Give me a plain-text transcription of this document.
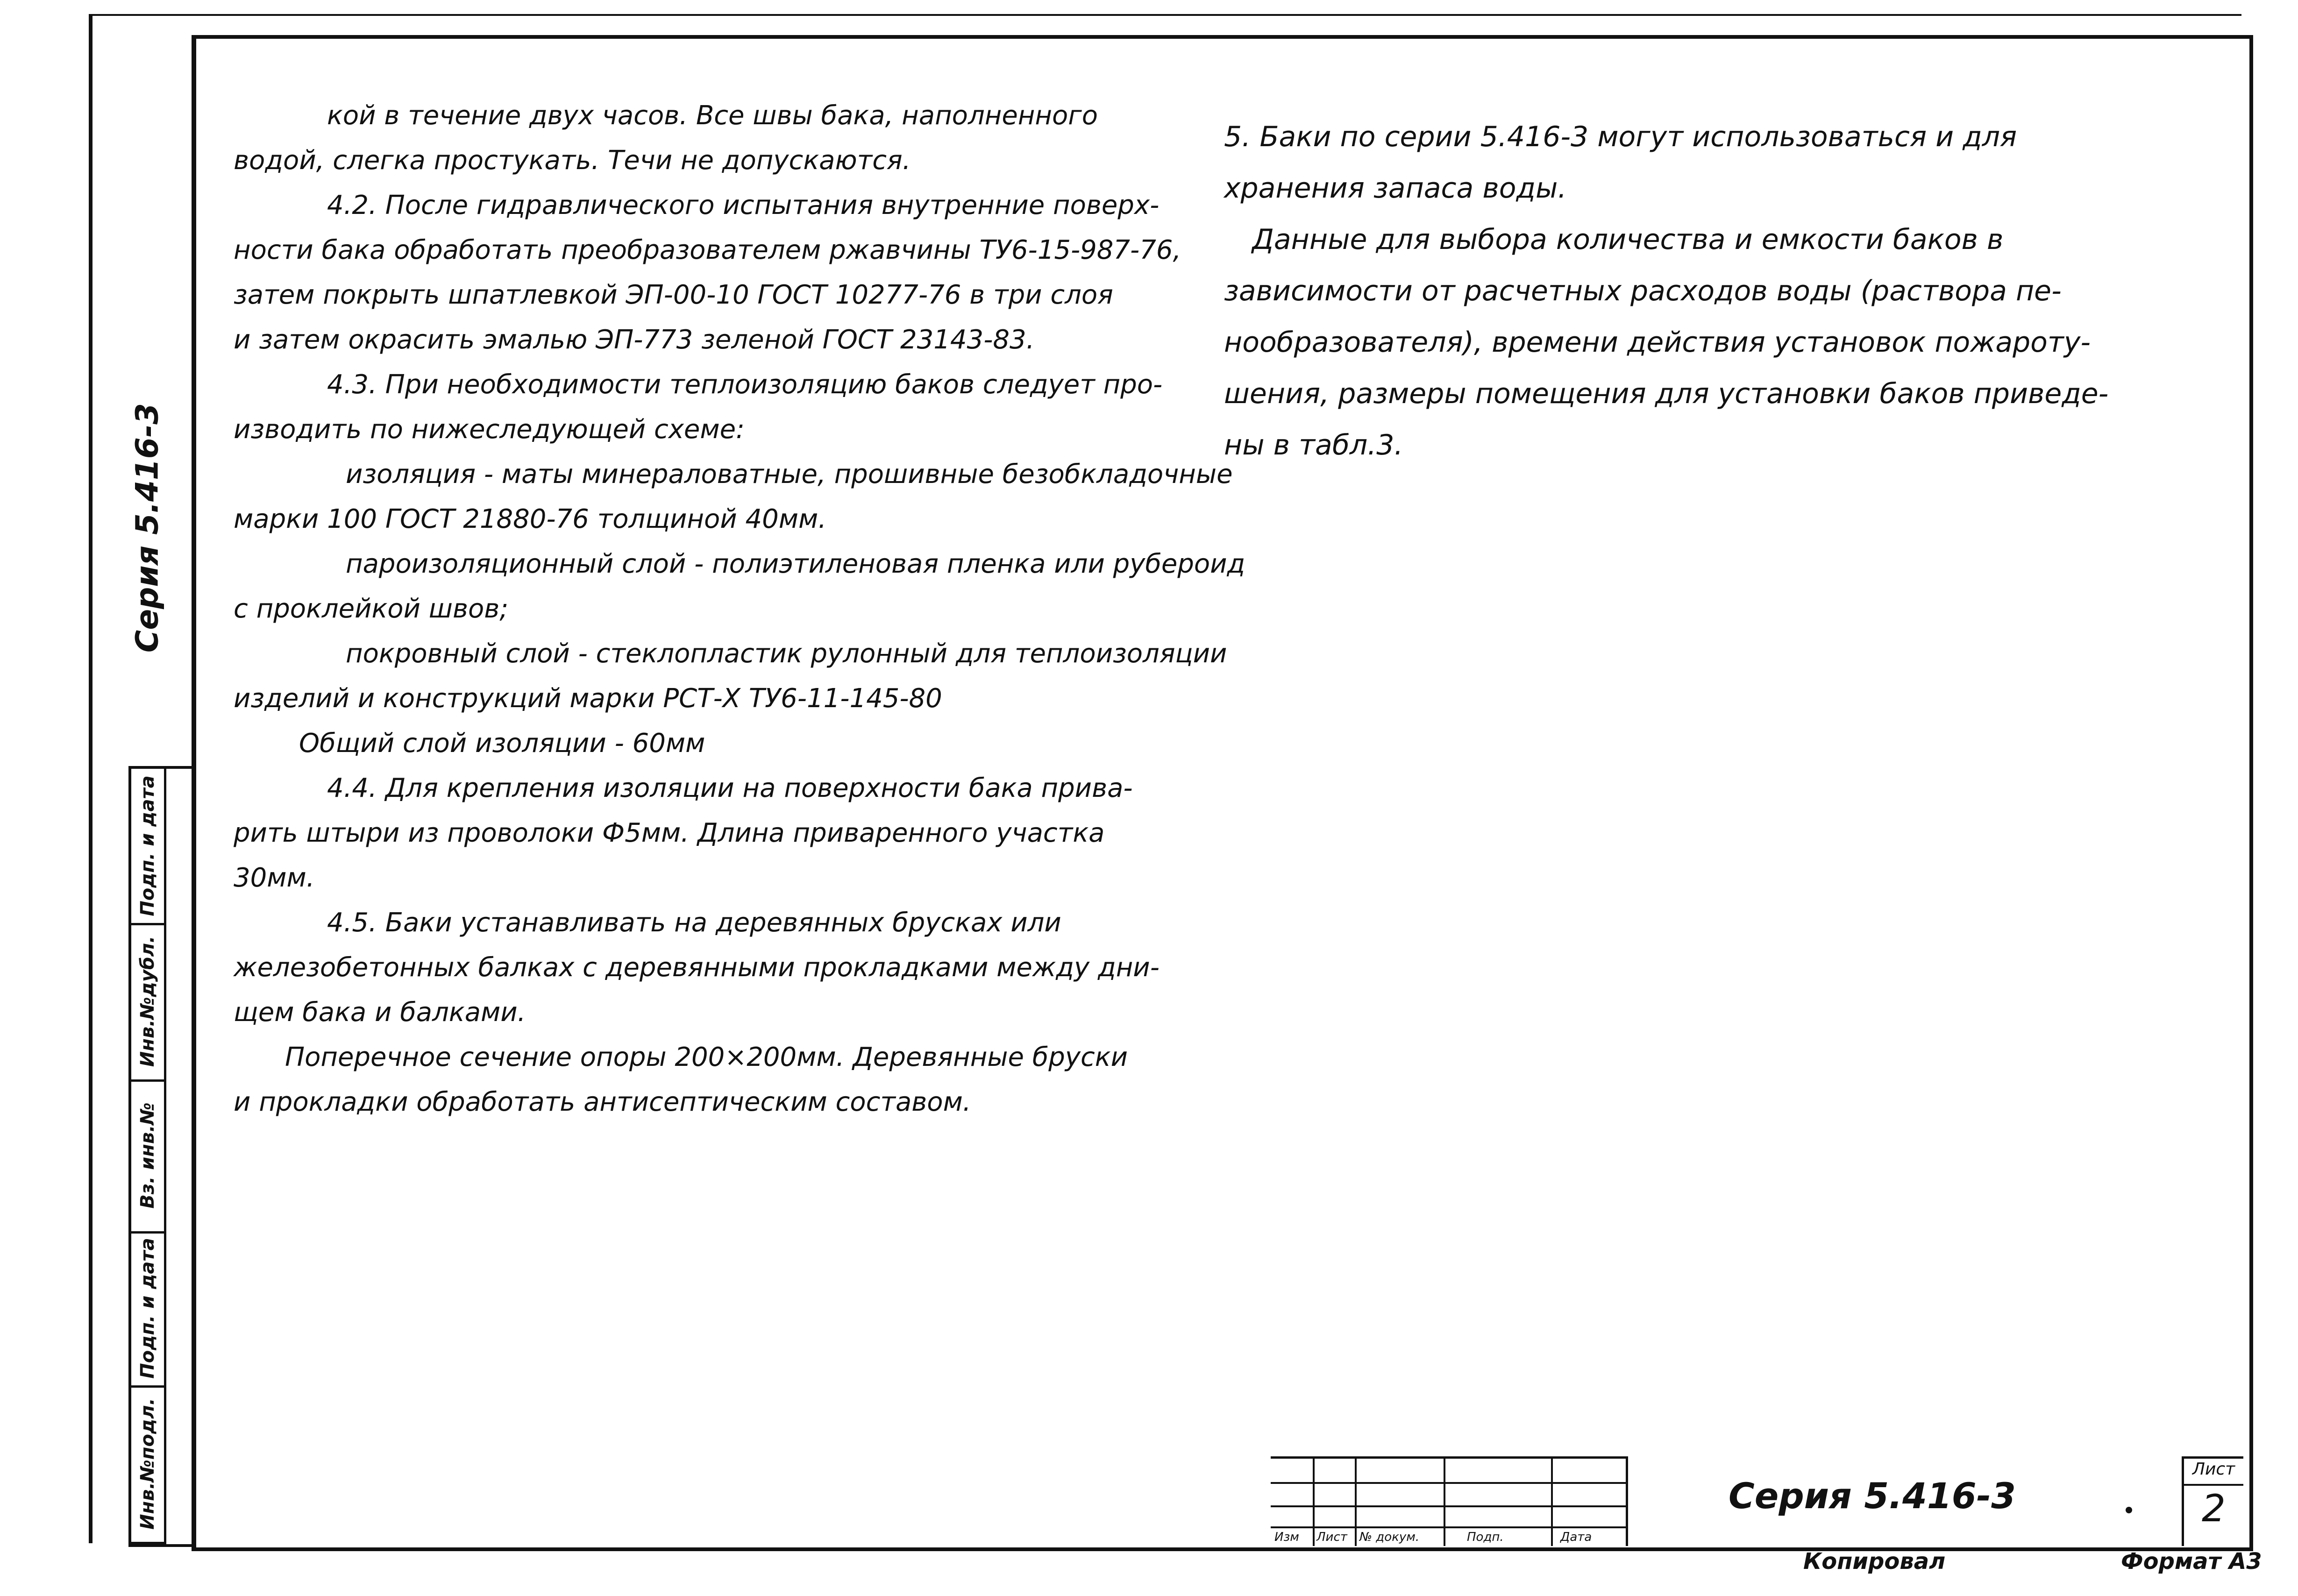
Серия 5.416-3
Инв.№подл.
Подп. и дата
Вз. инв.№
Инв.№дубл.
Подп. и дата

кой в течение двух часов. Все швы бака, наполненного

водой, слегка простукать. Течи не допускаются.

4.2. После гидравлического испытания внутренние поверх-

ности бака обработать преобразователем ржавчины ТУ6-15-987-76,

затем покрыть шпатлевкой ЭП-00-10 ГОСТ 10277-76 в три слоя

и затем окрасить эмалью ЭП-773 зеленой ГОСТ 23143-83.

4.3. При необходимости теплоизоляцию баков следует про-

изводить по нижеследующей схеме:

изоляция - маты минераловатные, прошивные безобкладочные

марки 100 ГОСТ 21880-76 толщиной 40мм.

пароизоляционный слой - полиэтиленовая пленка или рубероид

с проклейкой швов;

покровный слой - стеклопластик рулонный для теплоизоляции

изделий и конструкций марки РСТ-Х ТУ6-11-145-80

Общий слой изоляции - 60мм

4.4. Для крепления изоляции на поверхности бака прива-

рить штыри из проволоки Ф5мм. Длина приваренного участка

30мм.

4.5. Баки устанавливать на деревянных брусках или

железобетонных балках с деревянными прокладками между дни-

щем бака и балками.

Поперечное сечение опоры 200×200мм. Деревянные бруски

и прокладки обработать антисептическим составом.

5. Баки по серии 5.416-3 могут использоваться и для

хранения запаса воды.

Данные для выбора количества и емкости баков в

зависимости от расчетных расходов воды (раствора пе-

нообразователя), времени действия установок пожароту-

шения, размеры помещения для установки баков приведе-

ны в табл.3.

Изм Лист № докум.	Подп.	Дата
Серия 5.416-3
Лист
2
Копировал	Формат А3
